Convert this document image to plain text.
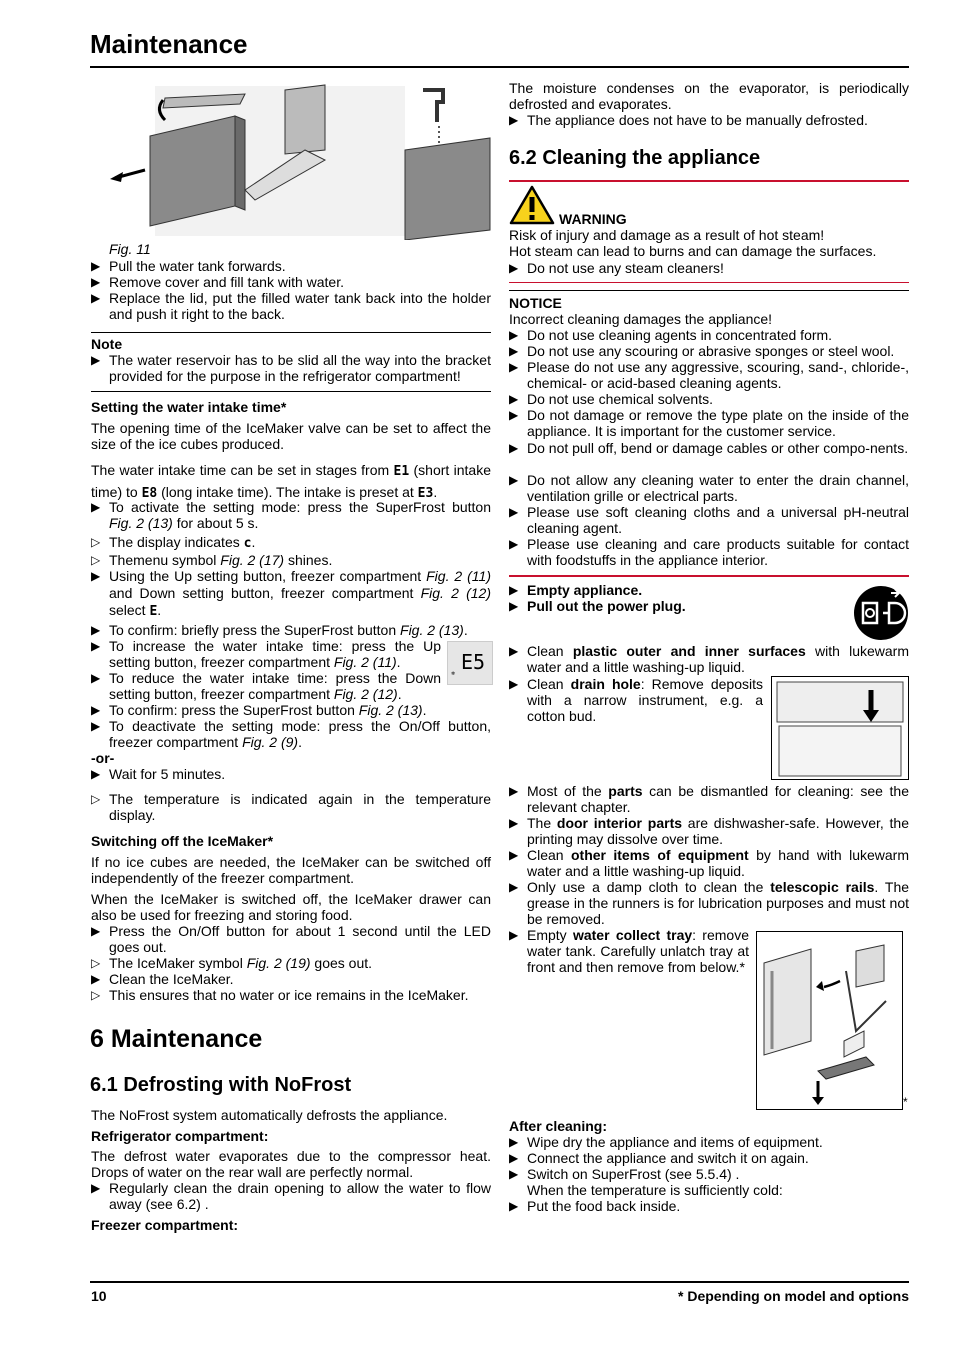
Maintenance

Fig. 11

▶ Pull the water tank forwards.
▶ Remove cover and fill tank with water.
▶ Replace the lid, put the filled water tank back into the holder and push it right to the back.

Note

▶ The water reservoir has to be slid all the way into the bracket provided for the purpose in the refrigerator compartment!

Setting the water intake time*

The opening time of the IceMaker valve can be set to affect the size of the ice cubes produced.

The water intake time can be set in stages from E1 (short intake time) to E8 (long intake time). The intake is preset at E3.

▶ To activate the setting mode: press the SuperFrost button Fig. 2 (13) for about 5 s.
▷ The display indicates c.
▷ Themenu symbol Fig. 2 (17) shines.
▶ Using the Up setting button, freezer compartment Fig. 2 (11) and Down setting button, freezer compartment Fig. 2 (12) select E.
▶ To confirm: briefly press the SuperFrost button Fig. 2 (13).
▶ To increase the water intake time: press the Up setting button, freezer compartment Fig. 2 (11).
▶ To reduce the water intake time: press the Down setting button, freezer compartment Fig. 2 (12).
❄ E5
▶ To confirm: press the SuperFrost button Fig. 2 (13).
▶ To deactivate the setting mode: press the On/Off button, freezer compartment Fig. 2 (9).

-or-

▶ Wait for 5 minutes.
▷ The temperature is indicated again in the temperature display.

Switching off the IceMaker*

If no ice cubes are needed, the IceMaker can be switched off independently of the freezer compartment.

When the IceMaker is switched off, the IceMaker drawer can also be used for freezing and storing food.

▶ Press the On/Off button for about 1 second until the LED goes out.
▷ The IceMaker symbol Fig. 2 (19) goes out.
▶ Clean the IceMaker.
▷ This ensures that no water or ice remains in the IceMaker.
6 Maintenance
6.1 Defrosting with NoFrost

The NoFrost system automatically defrosts the appliance.

Refrigerator compartment:

The defrost water evaporates due to the compressor heat. Drops of water on the rear wall are perfectly normal.

▶ Regularly clean the drain opening to allow the water to flow away (see 6.2) .

Freezer compartment:

The moisture condenses on the evaporator, is periodically defrosted and evaporates.

▶ The appliance does not have to be manually defrosted.
6.2 Cleaning the appliance

WARNING

Risk of injury and damage as a result of hot steam!

Hot steam can lead to burns and can damage the surfaces.

▶ Do not use any steam cleaners!

NOTICE

Incorrect cleaning damages the appliance!

▶ Do not use cleaning agents in concentrated form.
▶ Do not use any scouring or abrasive sponges or steel wool.
▶ Please do not use any aggressive, scouring, sand-, chloride-, chemical- or acid-based cleaning agents.
▶ Do not use chemical solvents.
▶ Do not damage or remove the type plate on the inside of the appliance. It is important for the customer service.
▶ Do not pull off, bend or damage cables or other compo-nents.
▶ Do not allow any cleaning water to enter the drain channel, ventilation grille or electrical parts.
▶ Please use soft cleaning cloths and a universal pH-neutral cleaning agent.
▶ Please use cleaning and care products suitable for contact with foodstuffs in the appliance interior.
▶ Empty appliance.
▶ Pull out the power plug.
▶ Clean plastic outer and inner surfaces with lukewarm water and a little washing-up liquid.
▶ Clean drain hole: Remove deposits with a narrow instrument, e.g. a cotton bud.
▶ Most of the parts can be dismantled for cleaning: see the relevant chapter.
▶ The door interior parts are dishwasher-safe. However, the printing may dissolve over time.
▶ Clean other items of equipment by hand with lukewarm water and a little washing-up liquid.
▶ Only use a damp cloth to clean the telescopic rails. The grease in the runners is for lubrication purposes and must not be removed.
▶ Empty water collect tray: remove water tank. Carefully unlatch tray at front and then remove from below.*
*

After cleaning:

▶ Wipe dry the appliance and items of equipment.
▶ Connect the appliance and switch it on again.
▶ Switch on SuperFrost (see 5.5.4) .

When the temperature is sufficiently cold:

▶ Put the food back inside.

10	* Depending on model and options
